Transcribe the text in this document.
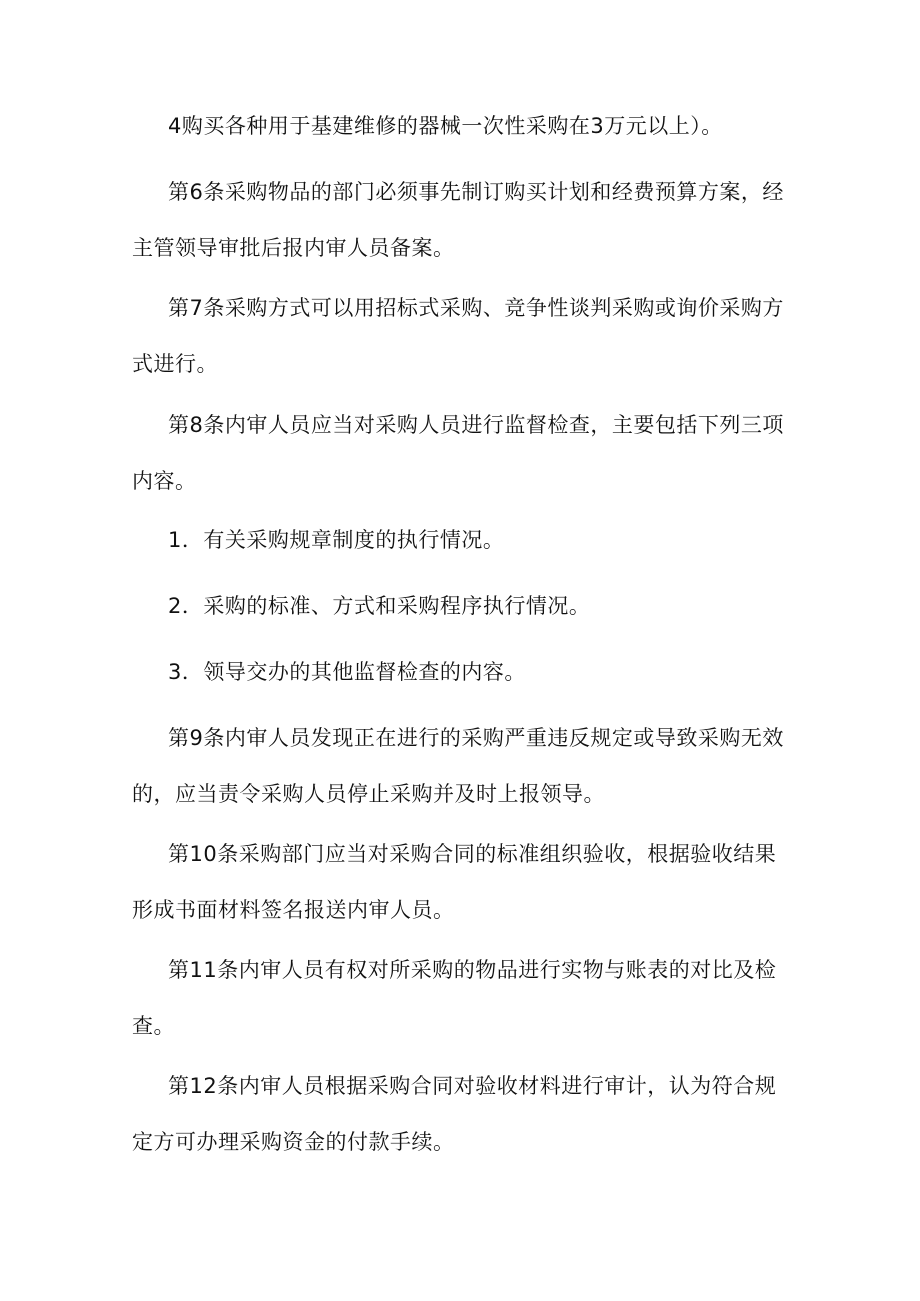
4购买各种用于基建维修的器械一次性采购在3万元以上）。

第6条采购物品的部门必须事先制订购买计划和经费预算方案，经主管领导审批后报内审人员备案。

第7条采购方式可以用招标式采购、竞争性谈判采购或询价采购方式进行。

第8条内审人员应当对采购人员进行监督检查，主要包括下列三项内容。

1．有关采购规章制度的执行情况。

2．采购的标准、方式和采购程序执行情况。

3．领导交办的其他监督检查的内容。

第9条内审人员发现正在进行的采购严重违反规定或导致采购无效的，应当责令采购人员停止采购并及时上报领导。

第10条采购部门应当对采购合同的标准组织验收，根据验收结果形成书面材料签名报送内审人员。

第11条内审人员有权对所采购的物品进行实物与账表的对比及检查。

第12条内审人员根据采购合同对验收材料进行审计，认为符合规定方可办理采购资金的付款手续。
